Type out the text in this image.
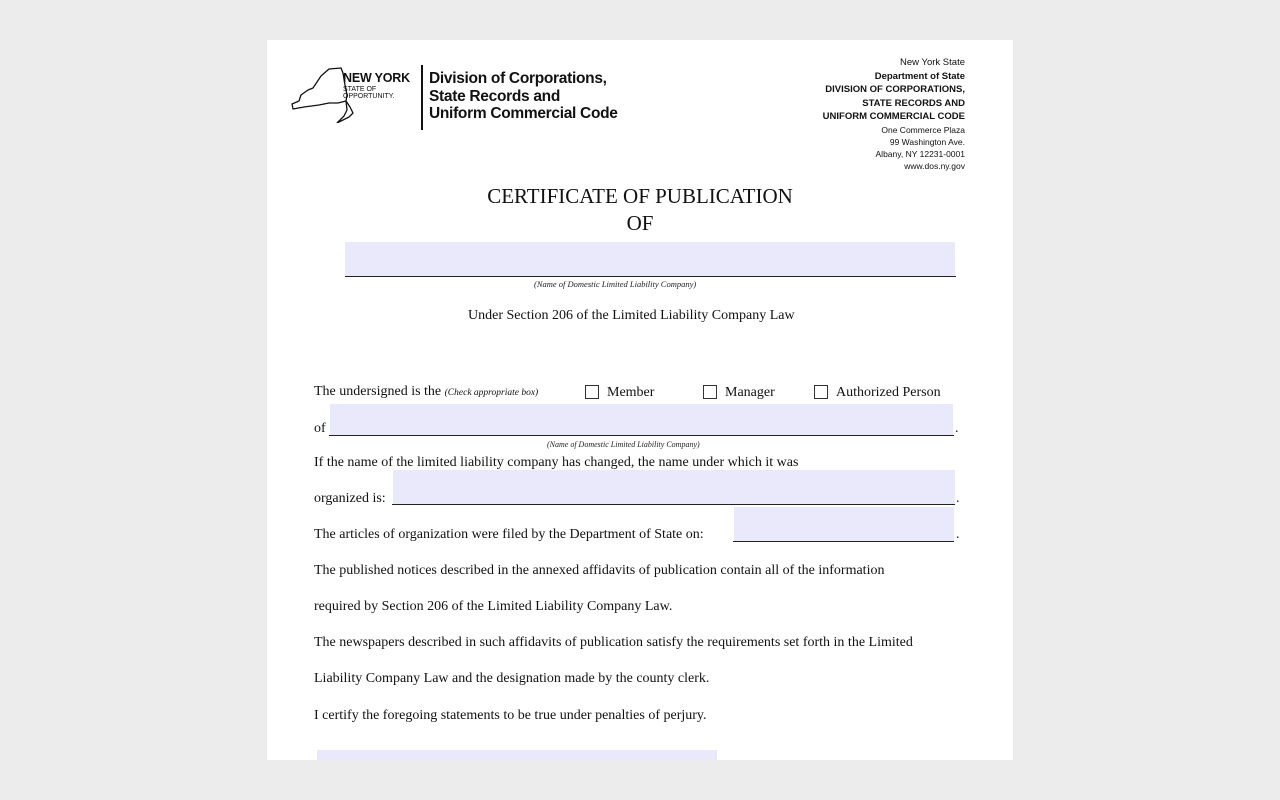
NEW YORK
STATE OF OPPORTUNITY.
Division of Corporations,
State Records and
Uniform Commercial Code
New York State
Department of State
DIVISION OF CORPORATIONS,
STATE RECORDS AND
UNIFORM COMMERCIAL CODE
One Commerce Plaza
99 Washington Ave.
Albany, NY 12231-0001
www.dos.ny.gov
CERTIFICATE OF PUBLICATION
OF
(Name of Domestic Limited Liability Company)
Under Section 206 of the Limited Liability Company Law
The undersigned is the (Check appropriate box)	Member	Manager	Authorized Person
of	.
(Name of Domestic Limited Liability Company)
If the name of the limited liability company has changed, the name under which it was
organized is:	.
The articles of organization were filed by the Department of State on:	.
The published notices described in the annexed affidavits of publication contain all of the information
required by Section 206 of the Limited Liability Company Law.
The newspapers described in such affidavits of publication satisfy the requirements set forth in the Limited
Liability Company Law and the designation made by the county clerk.
I certify the foregoing statements to be true under penalties of perjury.
